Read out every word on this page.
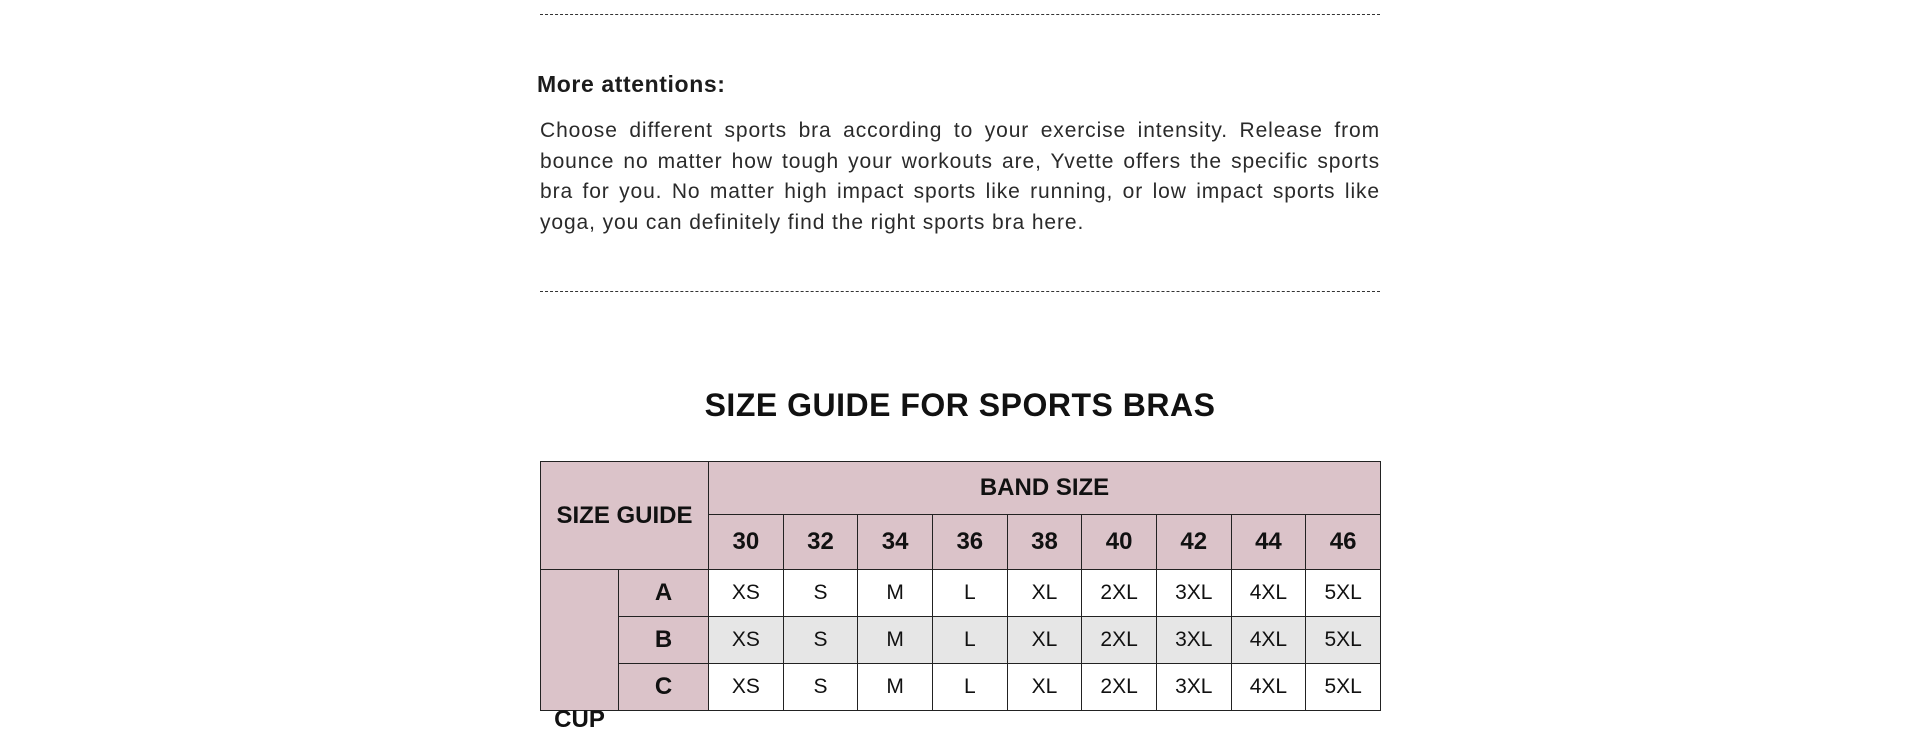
More attentions:

Choose different sports bra according to your exercise intensity. Release from bounce no matter how tough your workouts are, Yvette offers the specific sports bra for you. No matter high impact sports like running, or low impact sports like yoga, you can definitely find the right sports bra here.

SIZE GUIDE FOR SPORTS BRAS
SIZE GUIDE		BAND SIZE								
		30	32	34	36	38	40	42	44	46
CUP	A	XS	S	M	L	XL	2XL	3XL	4XL	5XL
	B	XS	S	M	L	XL	2XL	3XL	4XL	5XL
	C	XS	S	M	L	XL	2XL	3XL	4XL	5XL
